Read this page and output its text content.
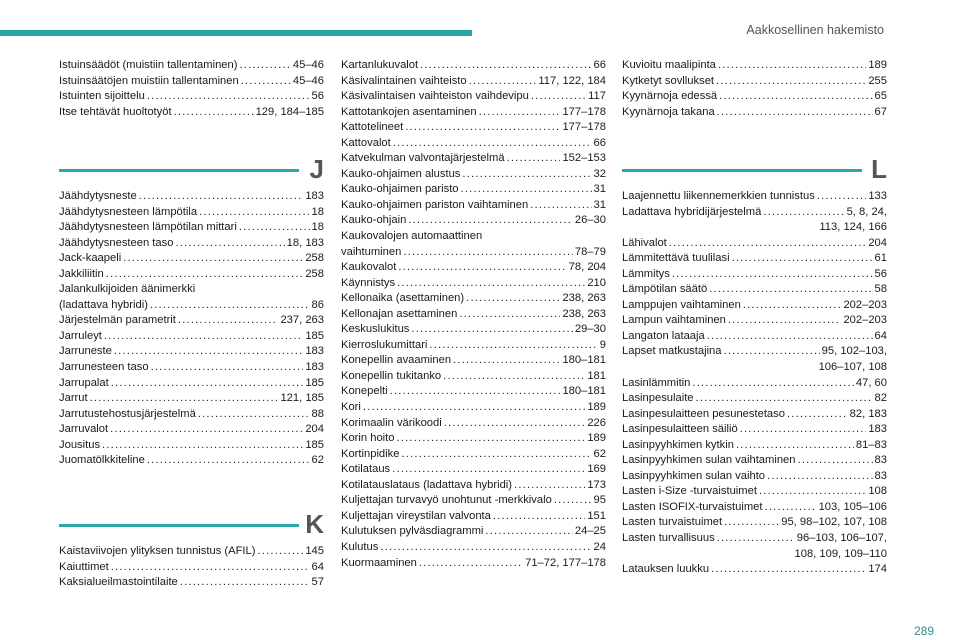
Aakkosellinen hakemisto
Istuinsäädöt (muistiin tallentaminen) .....	45–46
Istuinsäätöjen muistiin tallentaminen .....	45–46
Istuinten sijoittelu .....	56
Itse tehtävät huoltotyöt .....	129, 184–185
J
Jäähdytysneste .....	183
Jäähdytysnesteen lämpötila .....	18
Jäähdytysnesteen lämpötilan mittari .....	18
Jäähdytysnesteen taso .....	18, 183
Jack-kaapeli .....	258
Jakkiliitin .....	258
Jalankulkijoiden äänimerkki
(ladattava hybridi) .....	86
Järjestelmän parametrit .....	237, 263
Jarruleyt .....	185
Jarruneste .....	183
Jarrunesteen taso .....	183
Jarrupalat .....	185
Jarrut .....	121, 185
Jarrutustehostusjärjestelmä .....	88
Jarruvalot .....	204
Jousitus .....	185
Juomatölkkiteline .....	62
K
Kaistaviivojen ylityksen tunnistus (AFIL) .....	145
Kaiuttimet .....	64
Kaksialueilmastointilaite .....	57
Kartanlukuvalot .....	66
Käsivalintainen vaihteisto .....	117, 122, 184
Käsivalintaisen vaihteiston vaihdevipu .....	117
Kattotankojen asentaminen .....	177–178
Kattotelineet .....	177–178
Kattovalot .....	66
Katvekulman valvontajärjestelmä .....	152–153
Kauko-ohjaimen alustus .....	32
Kauko-ohjaimen paristo .....	31
Kauko-ohjaimen pariston vaihtaminen .....	31
Kauko-ohjain .....	26–30
Kaukovalojen automaattinen
vaihtuminen .....	78–79
Kaukovalot .....	78, 204
Käynnistys .....	210
Kellonaika (asettaminen) .....	238, 263
Kellonajan asettaminen .....	238, 263
Keskuslukitus .....	29–30
Kierroslukumittari .....	9
Konepellin avaaminen .....	180–181
Konepellin tukitanko .....	181
Konepelti .....	180–181
Kori .....	189
Korimaalin värikoodi .....	226
Korin hoito .....	189
Kortinpidike .....	62
Kotilataus .....	169
Kotilatauslataus (ladattava hybridi) .....	173
Kuljettajan turvavyö unohtunut -merkkivalo .....	95
Kuljettajan vireystilan valvonta .....	151
Kulutuksen pylväsdiagrammi .....	24–25
Kulutus .....	24
Kuormaaminen .....	71–72, 177–178
Kuvioitu maalipinta .....	189
Kytketyt sovllukset .....	255
Kyynärnoja edessä .....	65
Kyynärnoja takana .....	67
L
Laajennettu liikennemerkkien tunnistus .....	133
Ladattava hybridijärjestelmä .....	5, 8, 24,
113, 124, 166
Lähivalot .....	204
Lämmitettävä tuulilasi .....	61
Lämmitys .....	56
Lämpötilan säätö .....	58
Lamppujen vaihtaminen .....	202–203
Lampun vaihtaminen .....	202–203
Langaton lataaja .....	64
Lapset matkustajina .....	95, 102–103,
106–107, 108
Lasinlämmitin .....	47, 60
Lasinpesulaite .....	82
Lasinpesulaitteen pesunestetaso .....	82, 183
Lasinpesulaitteen säiliö .....	183
Lasinpyyhkimen kytkin .....	81–83
Lasinpyyhkimen sulan vaihtaminen .....	83
Lasinpyyhkimen sulan vaihto .....	83
Lasten i-Size -turvaistuimet .....	108
Lasten ISOFIX-turvaistuimet .....	103, 105–106
Lasten turvaistuimet .....	95, 98–102, 107, 108
Lasten turvallisuus .....	96–103, 106–107,
108, 109, 109–110
Latauksen luukku .....	174
289
